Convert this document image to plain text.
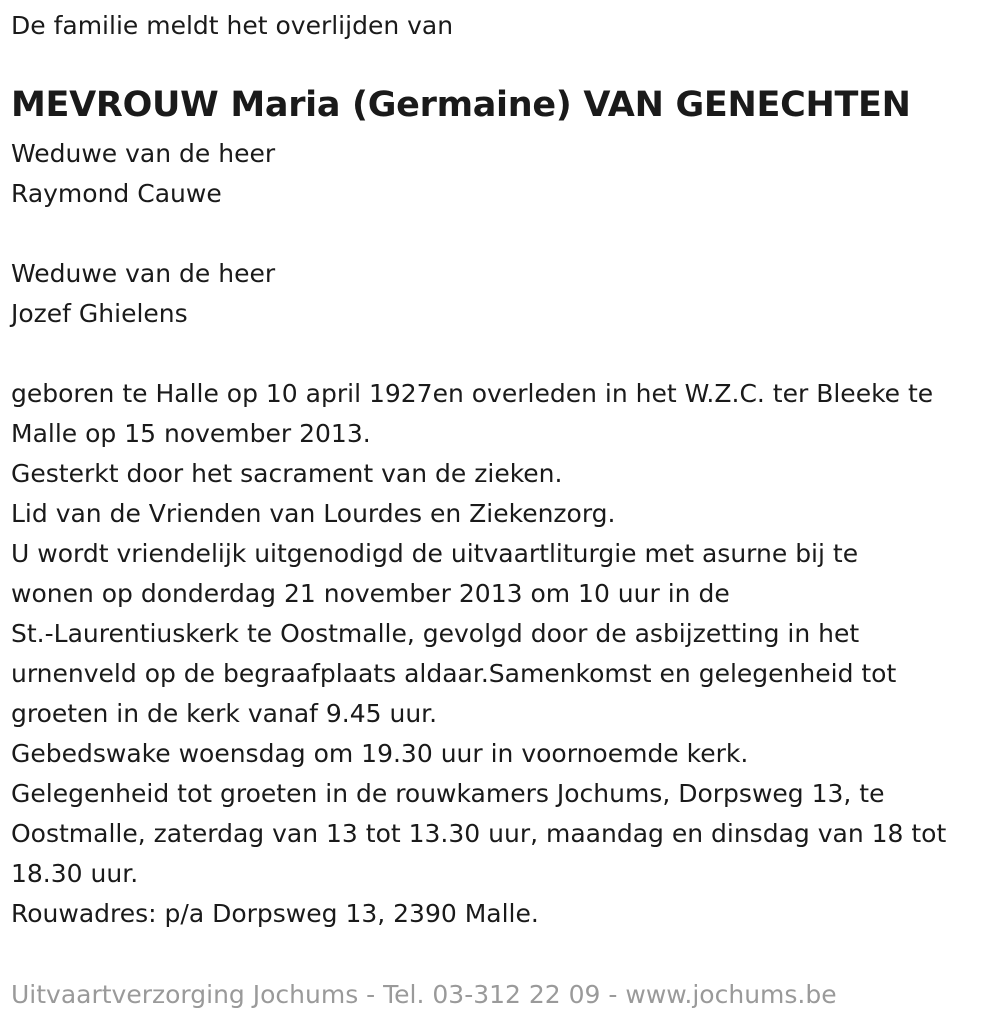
De familie meldt het overlijden van
MEVROUW Maria (Germaine) VAN GENECHTEN
Weduwe van de heer
Raymond Cauwe
Weduwe van de heer
Jozef Ghielens
geboren te Halle op 10 april 1927en overleden in het W.Z.C. ter Bleeke te
Malle op 15 november 2013.
Gesterkt door het sacrament van de zieken.
Lid van de Vrienden van Lourdes en Ziekenzorg.
U wordt vriendelijk uitgenodigd de uitvaartliturgie met asurne bij te
wonen op donderdag 21 november 2013 om 10 uur in de
St.-Laurentiuskerk te Oostmalle, gevolgd door de asbijzetting in het
urnenveld op de begraafplaats aldaar.Samenkomst en gelegenheid tot
groeten in de kerk vanaf 9.45 uur.
Gebedswake woensdag om 19.30 uur in voornoemde kerk.
Gelegenheid tot groeten in de rouwkamers Jochums, Dorpsweg 13, te
Oostmalle, zaterdag van 13 tot 13.30 uur, maandag en dinsdag van 18 tot
18.30 uur.
Rouwadres: p/a Dorpsweg 13, 2390 Malle.
Uitvaartverzorging Jochums - Tel. 03-312 22 09 - www.jochums.be
